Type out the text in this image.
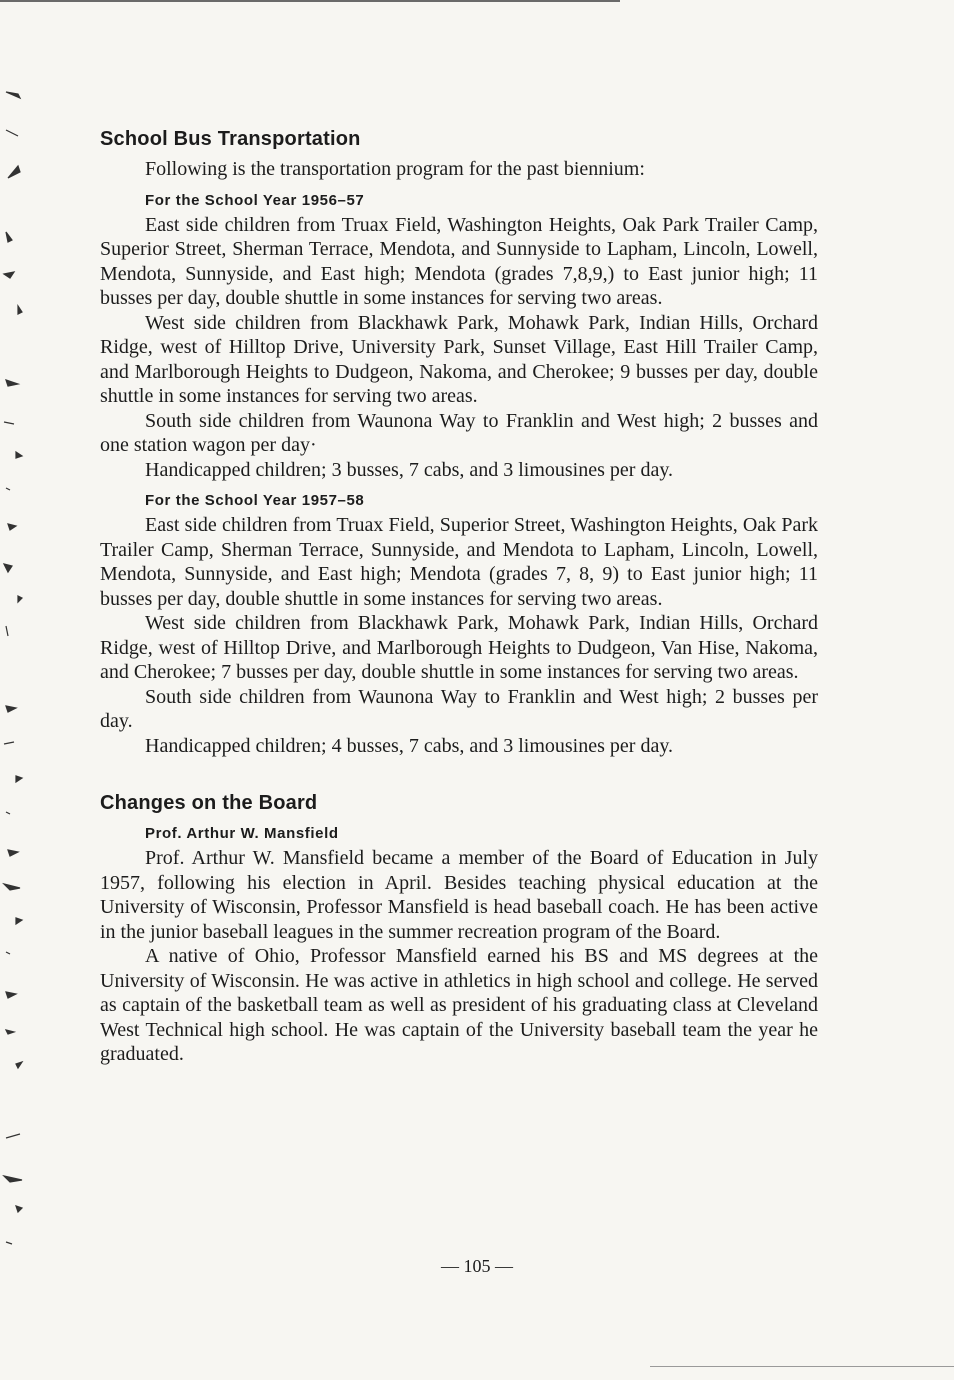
School Bus Transportation

Following is the transportation program for the past biennium:

For the School Year 1956–57

East side children from Truax Field, Washington Heights, Oak Park Trailer Camp, Superior Street, Sherman Terrace, Mendota, and Sunnyside to Lapham, Lincoln, Lowell, Mendota, Sunnyside, and East high; Mendota (grades 7,8,9,) to East junior high; 11 busses per day, double shuttle in some instances for serving two areas.

West side children from Blackhawk Park, Mohawk Park, Indian Hills, Orchard Ridge, west of Hilltop Drive, University Park, Sunset Village, East Hill Trailer Camp, and Marlborough Heights to Dudgeon, Nakoma, and Cherokee; 9 busses per day, double shuttle in some instances for serving two areas.

South side children from Waunona Way to Franklin and West high; 2 busses and one station wagon per day·

Handicapped children; 3 busses, 7 cabs, and 3 limousines per day.

For the School Year 1957–58

East side children from Truax Field, Superior Street, Washington Heights, Oak Park Trailer Camp, Sherman Terrace, Sunnyside, and Mendota to Lapham, Lincoln, Lowell, Mendota, Sunnyside, and East high; Mendota (grades 7, 8, 9) to East junior high; 11 busses per day, double shuttle in some instances for serving two areas.

West side children from Blackhawk Park, Mohawk Park, Indian Hills, Orchard Ridge, west of Hilltop Drive, and Marlborough Heights to Dudgeon, Van Hise, Nakoma, and Cherokee; 7 busses per day, double shuttle in some instances for serving two areas.

South side children from Waunona Way to Franklin and West high; 2 busses per day.

Handicapped children; 4 busses, 7 cabs, and 3 limousines per day.

Changes on the Board
Prof. Arthur W. Mansfield

Prof. Arthur W. Mansfield became a member of the Board of Education in July 1957, following his election in April. Besides teaching physical education at the University of Wisconsin, Professor Mansfield is head baseball coach. He has been active in the junior baseball leagues in the summer recreation program of the Board.

A native of Ohio, Professor Mansfield earned his BS and MS degrees at the University of Wisconsin. He was active in athletics in high school and college. He served as captain of the basketball team as well as president of his graduating class at Cleveland West Technical high school. He was captain of the University baseball team the year he graduated.

— 105 —
